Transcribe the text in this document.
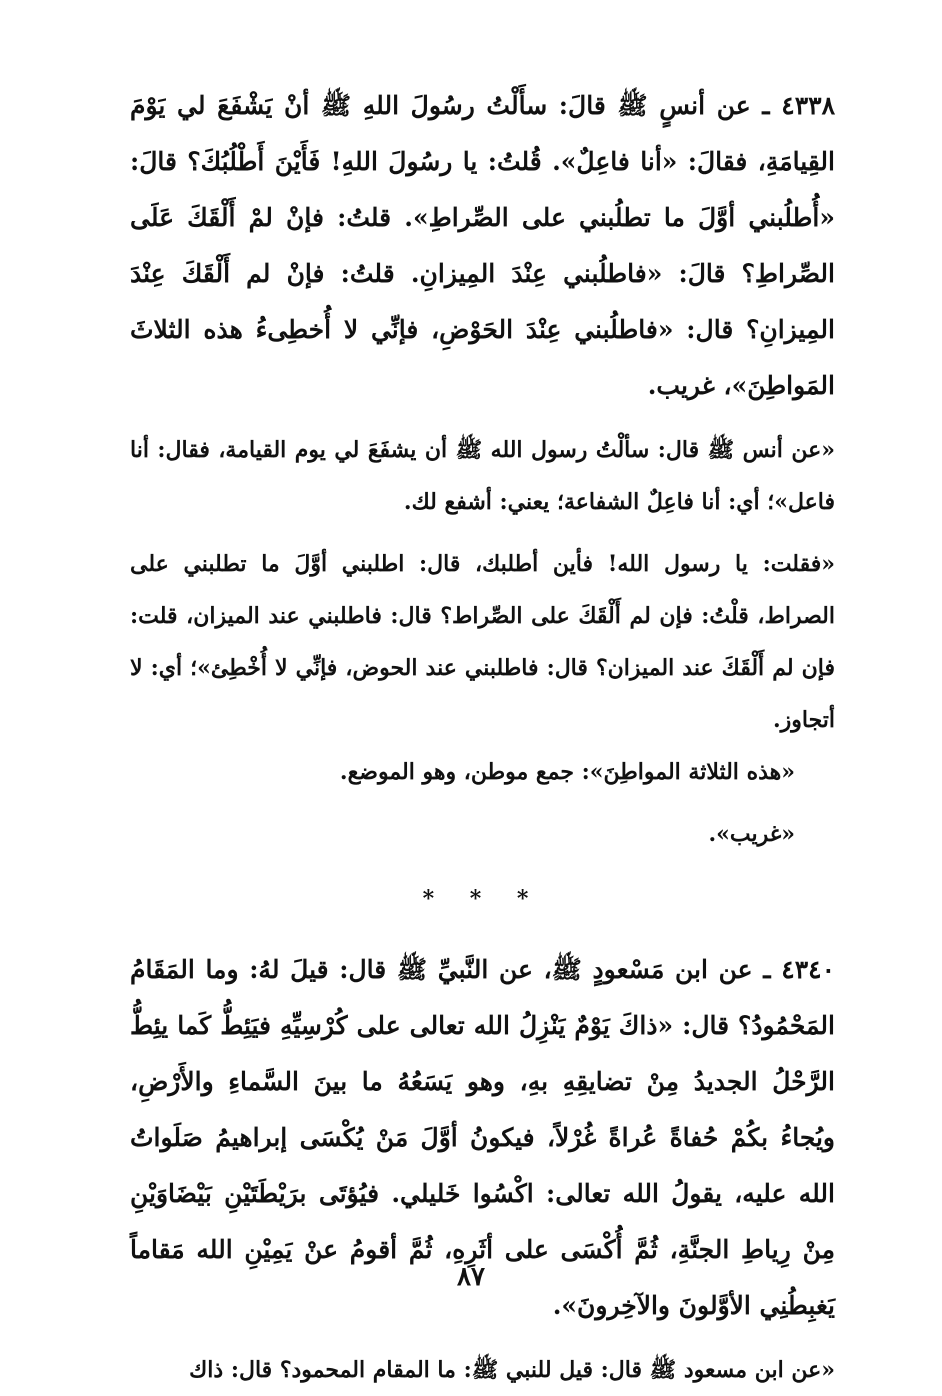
٤٣٣٨ ـ عن أنسٍ ﷺ قالَ: سأَلْتُ رسُولَ اللهِ ﷺ أنْ يَشْفَعَ لي يَوْمَ القِيامَةِ، فقالَ: «أنا فاعِلٌ». قُلتُ: يا رسُولَ اللهِ! فَأَيْنَ أَطْلُبُكَ؟ قالَ: «أُطلُبني أوَّلَ ما تطلُبني على الصِّراطِ». قلتُ: فإنْ لمْ أَلْقَكَ عَلَى الصِّراطِ؟ قالَ: «فاطلُبني عِنْدَ المِيزانِ. قلتُ: فإنْ لم أَلْقَكَ عِنْدَ المِيزانِ؟ قال: «فاطلُبني عِنْدَ الحَوْضِ، فإنِّي لا أُخطِىءُ هذه الثلاثَ المَواطِنَ»، غريب.

«عن أنس ﷺ قال: سألْتُ رسول الله ﷺ أن يشفَعَ لي يوم القيامة، فقال: أنا فاعل»؛ أي: أنا فاعِلٌ الشفاعة؛ يعني: أشفع لك.

«فقلت: يا رسول الله! فأين أطلبك، قال: اطلبني أوَّلَ ما تطلبني على الصراط، قلْتُ: فإن لم أَلْقَكَ على الصِّراط؟ قال: فاطلبني عند الميزان، قلت: فإن لم أَلْقَكَ عند الميزان؟ قال: فاطلبني عند الحوض، فإنِّي لا أُخْطِئ»؛ أي: لا أتجاوز.

«هذه الثلاثة المواطِنَ»: جمع موطن، وهو الموضع.

«غريب».

* * *

٤٣٤٠ ـ عن ابن مَسْعودٍ ﷺ، عن النَّبيِّ ﷺ قال: قيلَ لهُ: وما المَقَامُ المَحْمُودُ؟ قال: «ذاكَ يَوْمٌ يَنْزِلُ الله تعالى على كُرْسِيِّهِ فيَئِطُّ كَما يئِطُّ الرَّحْلُ الجديدُ مِنْ تضايقِهِ بهِ، وهو يَسَعُهُ ما بينَ السَّماءِ والأَرْضِ، ويُجاءُ بكُمْ حُفاةً عُراةً غُرْلاً، فيكونُ أوَّلَ مَنْ يُكْسَى إبراهيمُ صَلَواتُ الله عليه، يقولُ الله تعالى: اكْسُوا خَليلي. فيُؤتَى برَيْطَتَيْنِ بَيْضَاوَيْنِ مِنْ رِياطِ الجنَّةِ، ثُمَّ أُكْسَى على أثَرِهِ، ثُمَّ أقومُ عنْ يَمِيْنِ الله مَقاماً يَغبِطُنِي الأوَّلونَ والآخِرونَ».

«عن ابن مسعود ﷺ قال: قيل للنبي ﷺ: ما المقام المحمود؟ قال: ذاك

٨٧
